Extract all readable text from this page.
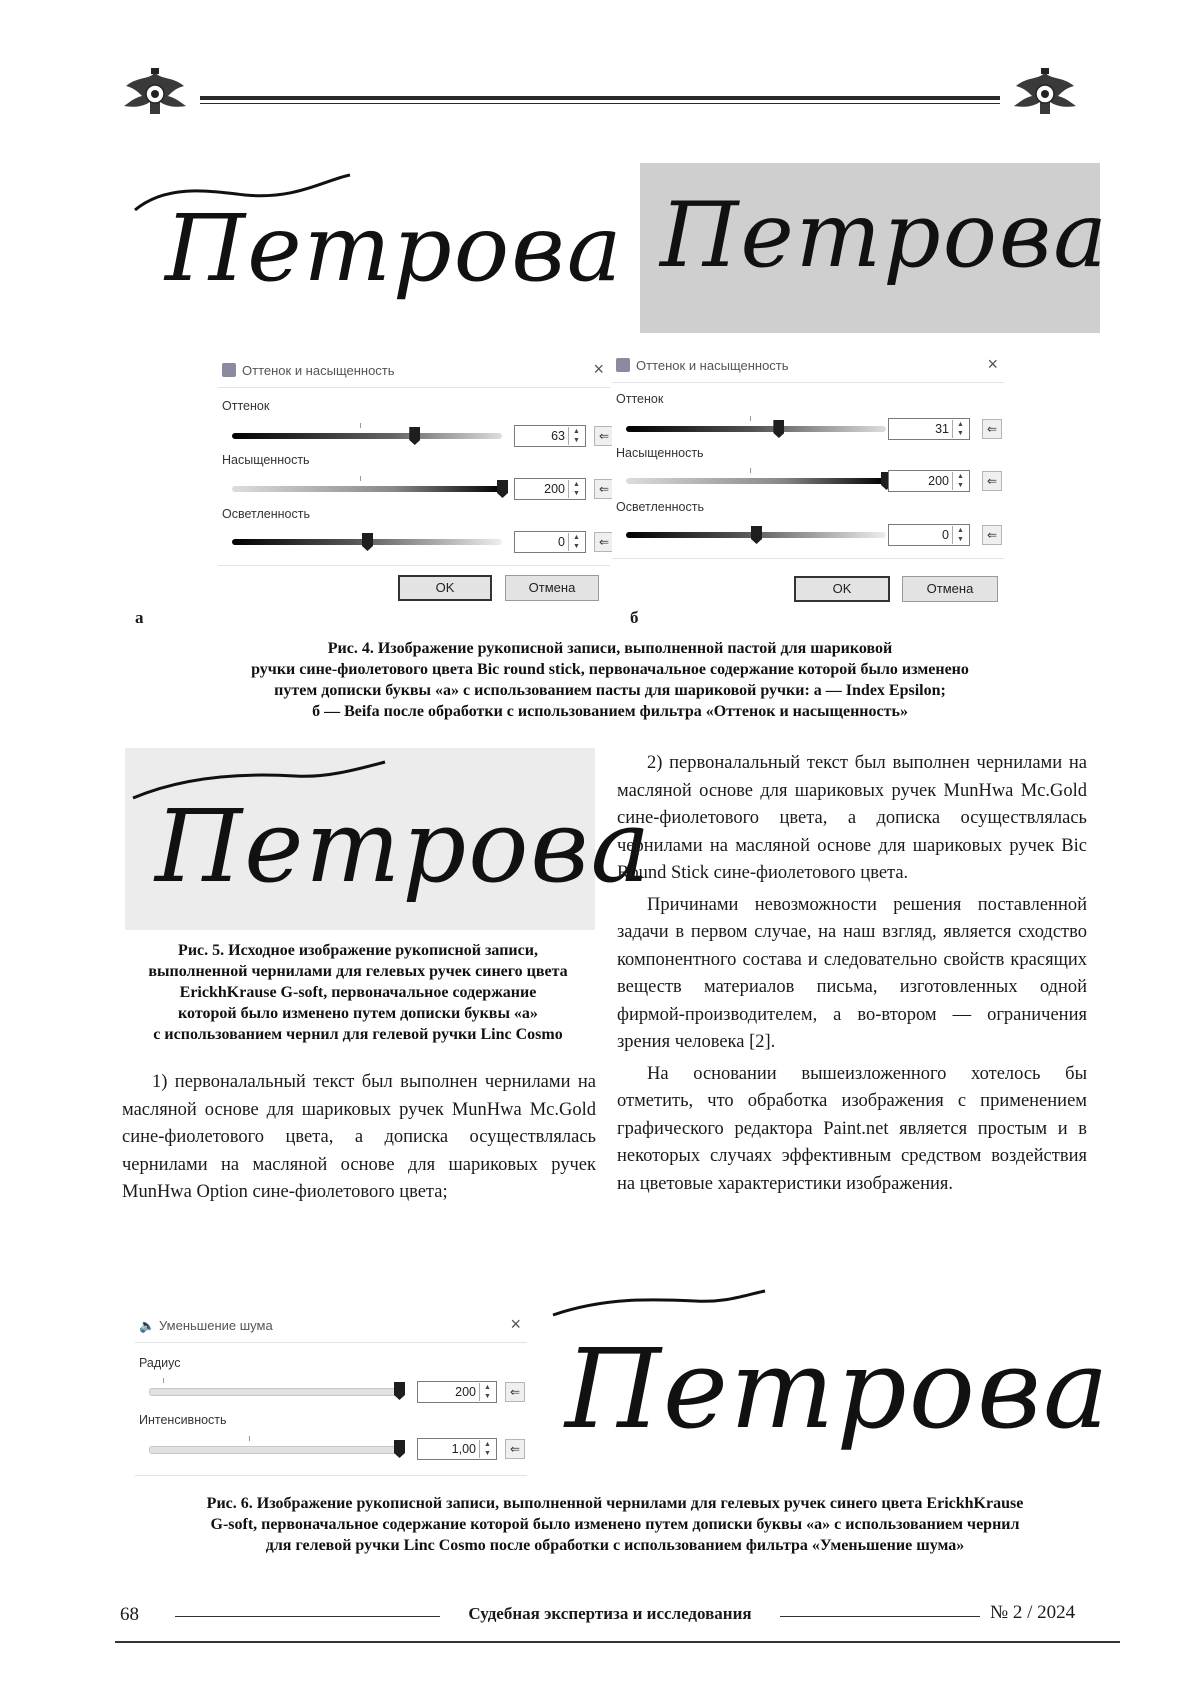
Петрова Петрова
Оттенок и насыщенность	×
Оттенок
63	▲
▼	⇐
Насыщенность
200	▲
▼	⇐
Осветленность
0	▲
▼	⇐
OK	Отмена
Оттенок и насыщенность	×
Оттенок
31	▲
▼	⇐
Насыщенность
200	▲
▼	⇐
Осветленность
0	▲
▼	⇐
OK	Отмена
а	б
Рис. 4. Изображение рукописной записи, выполненной пастой для шариковой
ручки сине-фиолетового цвета Bic round stick, первоначальное содержание которой было изменено
путем дописки буквы «а» с использованием пасты для шариковой ручки: а — Index Epsilon;
б — Beifa после обработки с использованием фильтра «Оттенок и насыщенность»
Петрова
Рис. 5. Исходное изображение рукописной записи,
выполненной чернилами для гелевых ручек синего цвета
ErickhKrause G-soft, первоначальное содержание
которой было изменено путем дописки буквы «а»
с использованием чернил для гелевой ручки Linc Cosmo

1) первоналальный текст был выполнен чернилами на масляной основе для шариковых ручек MunHwa Mc.Gold сине-фиолетового цвета, а дописка осуществлялась чернилами на масляной основе для шариковых ручек MunHwa Option сине-фиолетового цвета;

2) первоналальный текст был выполнен чернилами на масляной основе для шариковых ручек MunHwa Mc.Gold сине-фиолетового цвета, а дописка осуществлялась чернилами на масляной основе для шариковых ручек Bic Round Stick сине-фиолетового цвета.

Причинами невозможности решения поставленной задачи в первом случае, на наш взгляд, является сходство компонентного состава и следовательно свойств красящих веществ материалов письма, изготовленных одной фирмой-производителем, а во-втором — ограничения зрения человека [2].

На основании вышеизложенного хотелось бы отметить, что обработка изображения с применением графического редактора Paint.net является простым и в некоторых случаях эффективным средством воздействия на цветовые характеристики изображения.

🔈 Уменьшение шума	×
Радиус
200	▲
▼	⇐
Интенсивность
1,00	▲
▼	⇐ Петрова
Рис. 6. Изображение рукописной записи, выполненной чернилами для гелевых ручек синего цвета ErickhKrause
G-soft, первоначальное содержание которой было изменено путем дописки буквы «а» с использованием чернил
для гелевой ручки Linc Cosmo после обработки с использованием фильтра «Уменьшение шума»
68	Судебная экспертиза и исследования	№ 2 / 2024
